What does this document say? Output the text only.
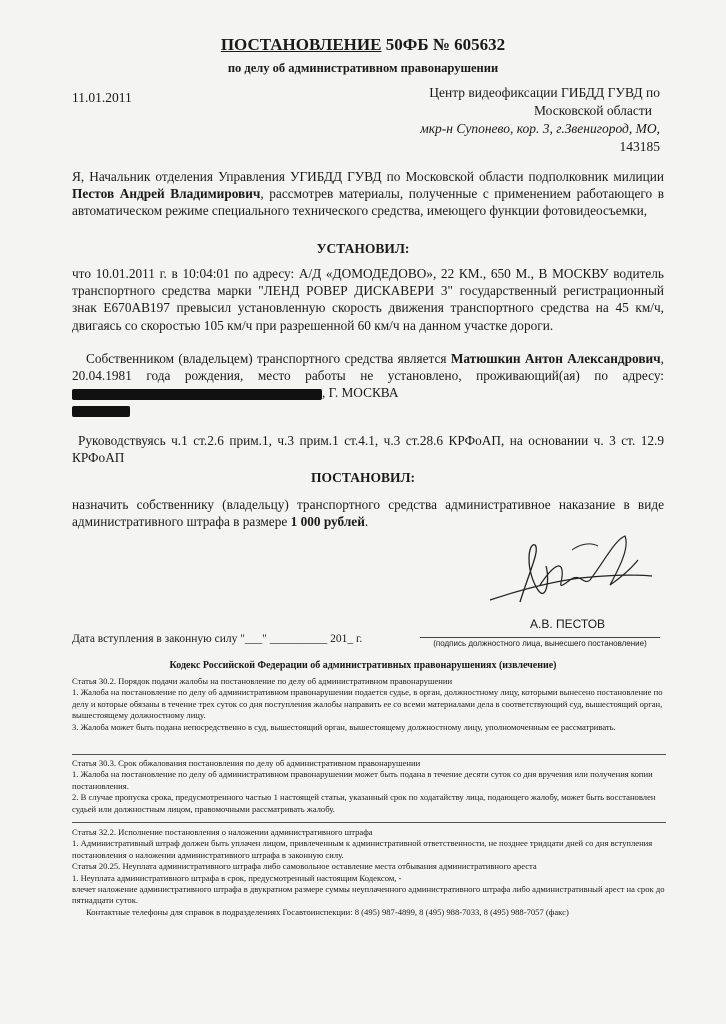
ПОСТАНОВЛЕНИЕ 50ФБ № 605632
по делу об административном правонарушении
11.01.2011	Центр видеофиксации ГИБДД ГУВД по
Московской области
мкр-н Супонево, кор. 3, г.Звенигород, МО,
143185
Я, Начальник отделения Управления УГИБДД ГУВД по Московской области подполковник милиции Пестов Андрей Владимирович, рассмотрев материалы, полученные с применением работающего в автоматическом режиме специального технического средства, имеющего функции фотовидеосъемки,
УСТАНОВИЛ:
что 10.01.2011 г. в 10:04:01 по адресу: А/Д «ДОМОДЕДОВО», 22 КМ., 650 М., В МОСКВУ водитель транспортного средства марки "ЛЕНД РОВЕР ДИСКАВЕРИ 3" государственный регистрационный знак Е670АВ197 превысил установленную скорость движения транспортного средства на 45 км/ч, двигаясь со скоростью 105 км/ч при разрешенной 60 км/ч на данном участке дороги.
Собственником (владельцем) транспортного средства является Матюшкин Антон Александрович, 20.04.1981 года рождения, место работы не установлено, проживающий(ая) по адресу: , Г. МОСКВА

Руководствуясь ч.1 ст.2.6 прим.1, ч.3 прим.1 ст.4.1, ч.3 ст.28.6 КРФоАП, на основании ч. 3 ст. 12.9 КРФоАП
ПОСТАНОВИЛ:
назначить собственнику (владельцу) транспортного средства административное наказание в виде административного штрафа в размере 1 000 рублей.
А.В. ПЕСТОВ
Дата вступления в законную силу "___" __________ 201_ г.	(подпись должностного лица, вынесшего постановление)
Кодекс Российской Федерации об административных правонарушениях (извлечение)

Статья 30.2. Порядок подачи жалобы на постановление по делу об административном правонарушении

1. Жалоба на постановление по делу об административном правонарушении подается судье, в орган, должностному лицу, которыми вынесено постановление по делу и которые обязаны в течение трех суток со дня поступления жалобы направить ее со всеми материалами дела в соответствующий суд, вышестоящий орган, вышестоящему должностному лицу.

3. Жалоба может быть подана непосредственно в суд, вышестоящий орган, вышестоящему должностному лицу, уполномоченным ее рассматривать.

Статья 30.3. Срок обжалования постановления по делу об административном правонарушении

1. Жалоба на постановление по делу об административном правонарушении может быть подана в течение десяти суток со дня вручения или получения копии постановления.

2. В случае пропуска срока, предусмотренного частью 1 настоящей статьи, указанный срок по ходатайству лица, подающего жалобу, может быть восстановлен судьей или должностным лицом, правомочными рассматривать жалобу.

Статья 32.2. Исполнение постановления о наложении административного штрафа

1. Административный штраф должен быть уплачен лицом, привлеченным к административной ответственности, не позднее тридцати дней со дня вступления постановления о наложении административного штрафа в законную силу.

Статья 20.25. Неуплата административного штрафа либо самовольное оставление места отбывания административного ареста

1. Неуплата административного штрафа в срок, предусмотренный настоящим Кодексом, -

влечет наложение административного штрафа в двукратном размере суммы неуплаченного административного штрафа либо административный арест на срок до пятнадцати суток.

Контактные телефоны для справок в подразделениях Госавтоинспекции: 8 (495) 987-4899, 8 (495) 988-7033, 8 (495) 988-7057 (факс)
